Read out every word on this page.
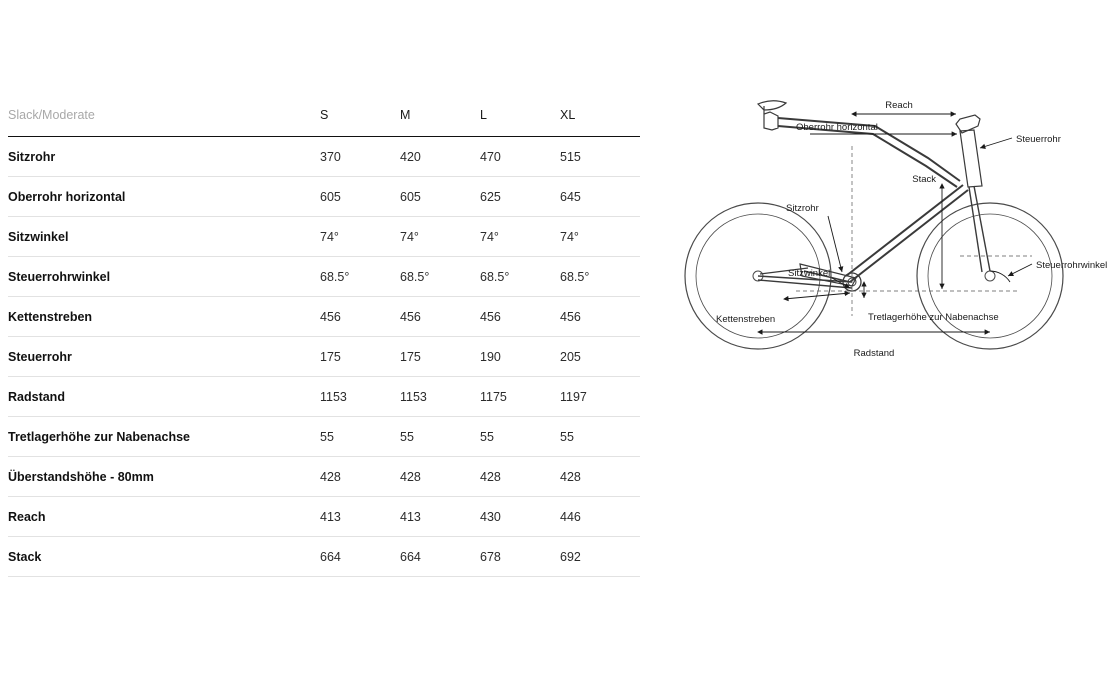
Slack/Moderate	S	M	L	XL
Sitzrohr	370	420	470	515
Oberrohr horizontal	605	605	625	645
Sitzwinkel	74°	74°	74°	74°
Steuerrohrwinkel	68.5°	68.5°	68.5°	68.5°
Kettenstreben	456	456	456	456
Steuerrohr	175	175	190	205
Radstand	1153	1153	1175	1197
Tretlagerhöhe zur Nabenachse	55	55	55	55
Überstandshöhe - 80mm	428	428	428	428
Reach	413	413	430	446
Stack	664	664	678	692
Reach
Oberrohr horizontal
Steuerrohr
Stack
Sitzrohr
Sitzwinkel
Steuerrohrwinkel
Kettenstreben	Tretlagerhöhe zur Nabenachse
Radstand
